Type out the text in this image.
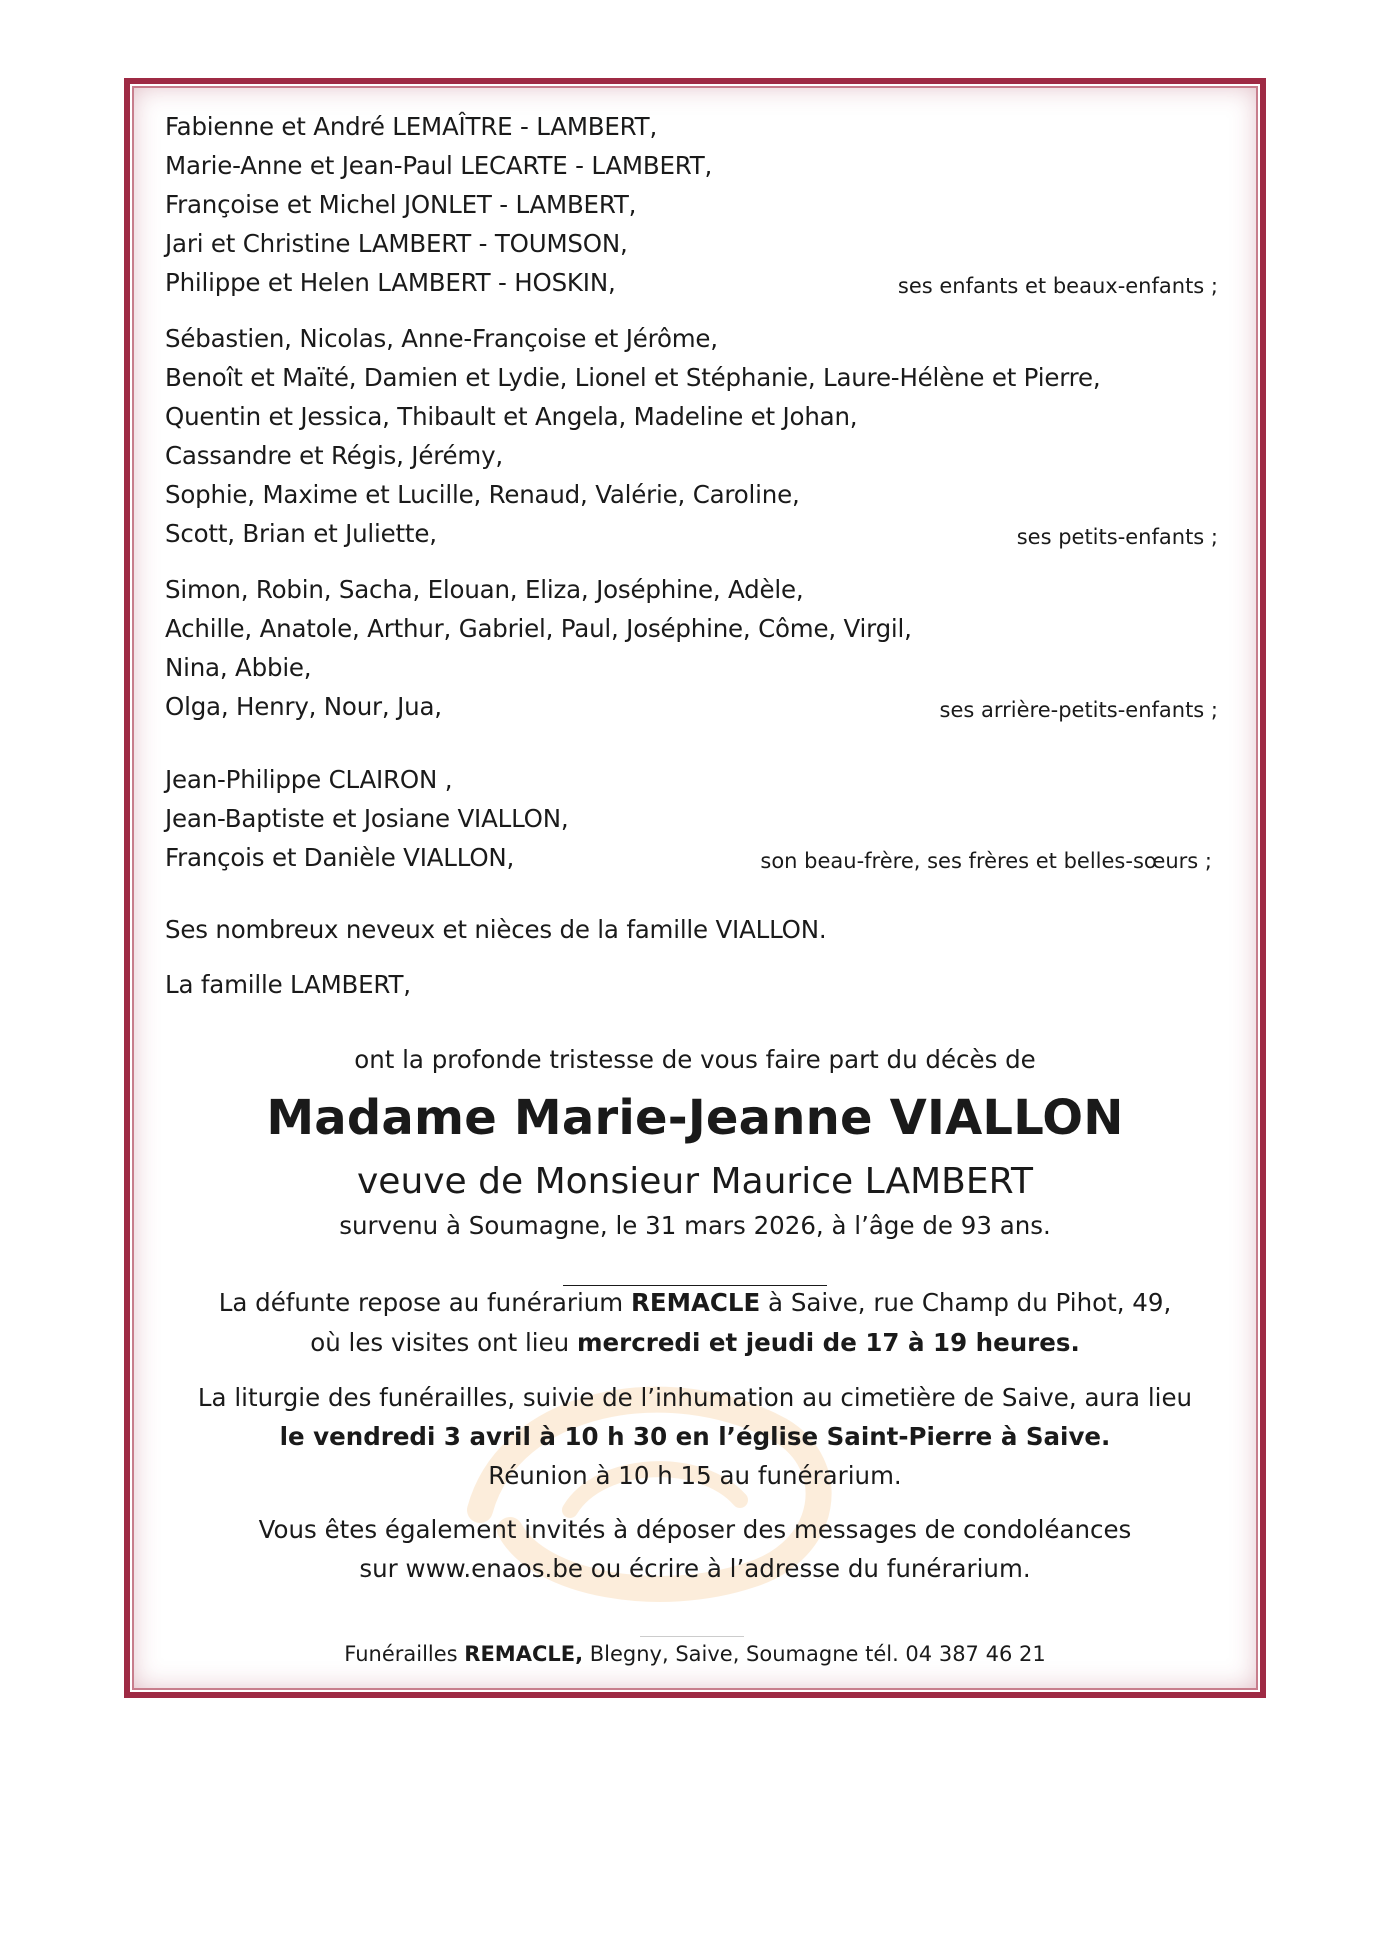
Fabienne et André LEMAÎTRE - LAMBERT,
Marie-Anne et Jean-Paul LECARTE - LAMBERT,
Françoise et Michel JONLET - LAMBERT,
Jari et Christine LAMBERT - TOUMSON,
Philippe et Helen LAMBERT - HOSKIN,	ses enfants et beaux-enfants ;
Sébastien, Nicolas, Anne-Françoise et Jérôme,
Benoît et Maïté, Damien et Lydie, Lionel et Stéphanie, Laure-Hélène et Pierre,
Quentin et Jessica, Thibault et Angela, Madeline et Johan,
Cassandre et Régis, Jérémy,
Sophie, Maxime et Lucille, Renaud, Valérie, Caroline,
Scott, Brian et Juliette,	ses petits-enfants ;
Simon, Robin, Sacha, Elouan, Eliza, Joséphine, Adèle,
Achille, Anatole, Arthur, Gabriel, Paul, Joséphine, Côme, Virgil,
Nina, Abbie,
Olga, Henry, Nour, Jua,	ses arrière-petits-enfants ;
Jean-Philippe CLAIRON ,
Jean-Baptiste et Josiane VIALLON,
François et Danièle VIALLON,	son beau-frère, ses frères et belles-sœurs ;
Ses nombreux neveux et nièces de la famille VIALLON.
La famille LAMBERT,
ont la profonde tristesse de vous faire part du décès de
Madame Marie-Jeanne VIALLON
veuve de Monsieur Maurice LAMBERT
survenu à Soumagne, le 31 mars 2026, à l’âge de 93 ans.
La défunte repose au funérarium REMACLE à Saive, rue Champ du Pihot, 49,
où les visites ont lieu mercredi et jeudi de 17 à 19 heures.
La liturgie des funérailles, suivie de l’inhumation au cimetière de Saive, aura lieu
le vendredi 3 avril à 10 h 30 en l’église Saint-Pierre à Saive.
Réunion à 10 h 15 au funérarium.
Vous êtes également invités à déposer des messages de condoléances
sur www.enaos.be ou écrire à l’adresse du funérarium.
Funérailles REMACLE, Blegny, Saive, Soumagne tél. 04 387 46 21
